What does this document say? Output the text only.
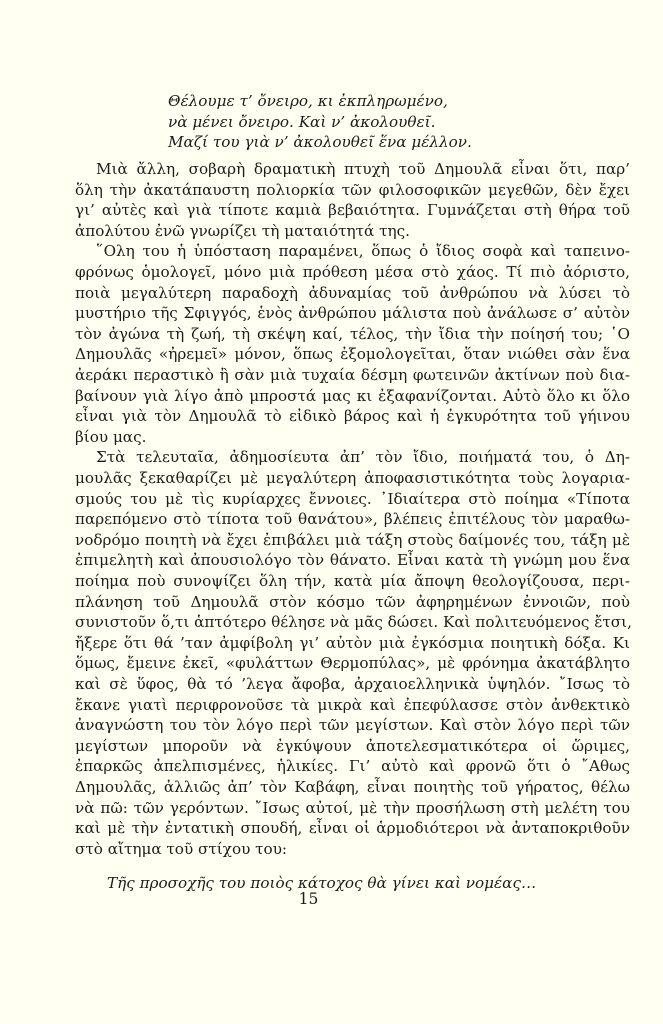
Θέλουμε τ’ ὄνειρο, κι ἐκπληρωμένο,
νὰ μένει ὄνειρο. Καὶ ν’ ἀκολουθεῖ.
Μαζί του γιὰ ν’ ἀκολουθεῖ ἕνα μέλλον.
Μιὰ ἄλλη, σοβαρὴ δραματικὴ πτυχὴ τοῦ Δημουλᾶ εἶναι ὅτι, παρ’
ὅλη τὴν ἀκατάπαυστη πολιορκία τῶν φιλοσοφικῶν μεγεθῶν, δὲν ἔχει
γι’ αὐτὲς καὶ γιὰ τίποτε καμιὰ βεβαιότητα. Γυμνάζεται στὴ θήρα τοῦ
ἀπολύτου ἐνῶ γνωρίζει τὴ ματαιότητά της.
῞Ολη του ἡ ὑπόσταση παραμένει, ὅπως ὁ ἴδιος σοφὰ καὶ ταπεινο-
φρόνως ὁμολογεῖ, μόνο μιὰ πρόθεση μέσα στὸ χάος. Τί πιὸ ἀόριστο,
ποιὰ μεγαλύτερη παραδοχὴ ἀδυναμίας τοῦ ἀνθρώπου νὰ λύσει τὸ
μυστήριο τῆς Σφιγγός, ἑνὸς ἀνθρώπου μάλιστα ποὺ ἀνάλωσε σ’ αὐτὸν
τὸν ἀγώνα τὴ ζωή, τὴ σκέψη καί, τέλος, τὴν ἴδια τὴν ποίησή του; ῾Ο
Δημουλᾶς «ἠρεμεῖ» μόνον, ὅπως ἐξομολογεῖται, ὅταν νιώθει σὰν ἕνα
ἀεράκι περαστικὸ ἢ σὰν μιὰ τυχαία δέσμη φωτεινῶν ἀκτίνων ποὺ δια-
βαίνουν γιὰ λίγο ἀπὸ μπροστά μας κι ἐξαφανίζονται. Αὐτὸ ὅλο κι ὅλο
εἶναι γιὰ τὸν Δημουλᾶ τὸ εἰδικὸ βάρος καὶ ἡ ἐγκυρότητα τοῦ γήινου
βίου μας.
Στὰ τελευταῖα, ἀδημοσίευτα ἀπ’ τὸν ἴδιο, ποιήματά του, ὁ Δη-
μουλᾶς ξεκαθαρίζει μὲ μεγαλύτερη ἀποφασιστικότητα τοὺς λογαρια-
σμούς του μὲ τὶς κυρίαρχες ἔννοιες. ᾿Ιδιαίτερα στὸ ποίημα «Τίποτα
παρεπόμενο στὸ τίποτα τοῦ θανάτου», βλέπεις ἐπιτέλους τὸν μαραθω-
νοδρόμο ποιητὴ νὰ ἔχει ἐπιβάλει μιὰ τάξη στοὺς δαίμονές του, τάξη μὲ
ἐπιμελητὴ καὶ ἀπουσιολόγο τὸν θάνατο. Εἶναι κατὰ τὴ γνώμη μου ἕνα
ποίημα ποὺ συνοψίζει ὅλη τήν, κατὰ μία ἄποψη θεολογίζουσα, περι-
πλάνηση τοῦ Δημουλᾶ στὸν κόσμο τῶν ἀφηρημένων ἐννοιῶν, ποὺ
συνιστοῦν ὅ,τι ἁπτότερο θέλησε νὰ μᾶς δώσει. Καὶ πολιτευόμενος ἔτσι,
ἤξερε ὅτι θά ’ταν ἀμφίβολη γι’ αὐτὸν μιὰ ἐγκόσμια ποιητικὴ δόξα. Κι
ὅμως, ἔμεινε ἐκεῖ, «φυλάττων Θερμοπύλας», μὲ φρόνημα ἀκατάβλητο
καὶ σὲ ὕφος, θὰ τό ’λεγα ἄφοβα, ἀρχαιοελληνικὰ ὑψηλόν. ῎Ισως τὸ
ἔκανε γιατὶ περιφρονοῦσε τὰ μικρὰ καὶ ἐπεφύλασσε στὸν ἀνθεκτικὸ
ἀναγνώστη του τὸν λόγο περὶ τῶν μεγίστων. Καὶ στὸν λόγο περὶ τῶν
μεγίστων μποροῦν νὰ ἐγκύψουν ἀποτελεσματικότερα οἱ ὥριμες,
ἐπαρκῶς ἀπελπισμένες, ἡλικίες. Γι’ αὐτὸ καὶ φρονῶ ὅτι ὁ ῎Αθως
Δημουλᾶς, ἀλλιῶς ἀπ’ τὸν Καβάφη, εἶναι ποιητὴς τοῦ γήρατος, θέλω
νὰ πῶ: τῶν γερόντων. ῎Ισως αὐτοί, μὲ τὴν προσήλωση στὴ μελέτη του
καὶ μὲ τὴν ἐντατικὴ σπουδή, εἶναι οἱ ἁρμοδιότεροι νὰ ἀνταποκριθοῦν
στὸ αἴτημα τοῦ στίχου του:
Τῆς προσοχῆς του ποιὸς κάτοχος θὰ γίνει καὶ νομέας…
15
